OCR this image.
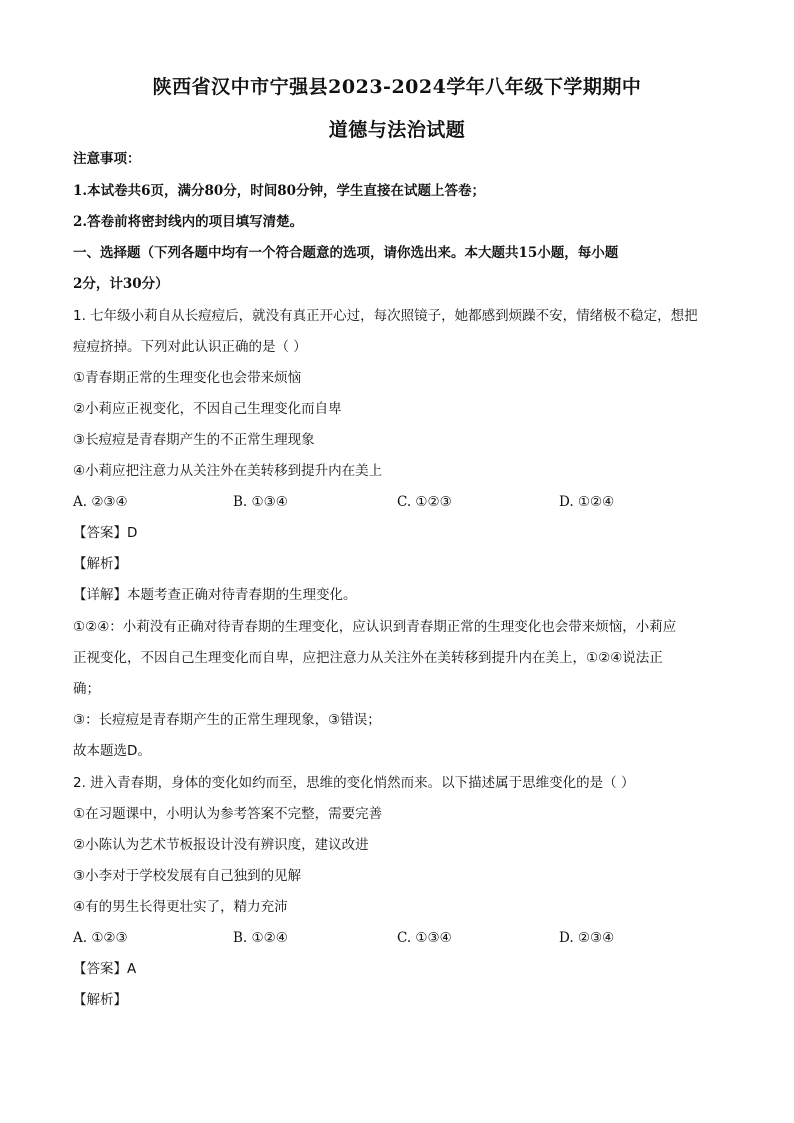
陕西省汉中市宁强县2023-2024学年八年级下学期期中
道德与法治试题
注意事项：
1.本试卷共6页，满分80分，时间80分钟，学生直接在试题上答卷；
2.答卷前将密封线内的项目填写清楚。
一、选择题（下列各题中均有一个符合题意的选项，请你选出来。本大题共15小题，每小题
2分，计30分）
1. 七年级小莉自从长痘痘后，就没有真正开心过，每次照镜子，她都感到烦躁不安，情绪极不稳定，想把
痘痘挤掉。下列对此认识正确的是（ ）
①青春期正常的生理变化也会带来烦恼
②小莉应正视变化，不因自己生理变化而自卑
③长痘痘是青春期产生的不正常生理现象
④小莉应把注意力从关注外在美转移到提升内在美上
A. ②③④	B. ①③④	C. ①②③	D. ①②④
【答案】D
【解析】
【详解】本题考查正确对待青春期的生理变化。
①②④：小莉没有正确对待青春期的生理变化，应认识到青春期正常的生理变化也会带来烦恼，小莉应
正视变化，不因自己生理变化而自卑，应把注意力从关注外在美转移到提升内在美上，①②④说法正
确；
③：长痘痘是青春期产生的正常生理现象，③错误；
故本题选D。
2. 进入青春期，身体的变化如约而至，思维的变化悄然而来。以下描述属于思维变化的是（ ）
①在习题课中，小明认为参考答案不完整，需要完善
②小陈认为艺术节板报设计没有辨识度，建议改进
③小李对于学校发展有自己独到的见解
④有的男生长得更壮实了，精力充沛
A. ①②③	B. ①②④	C. ①③④	D. ②③④
【答案】A
【解析】
